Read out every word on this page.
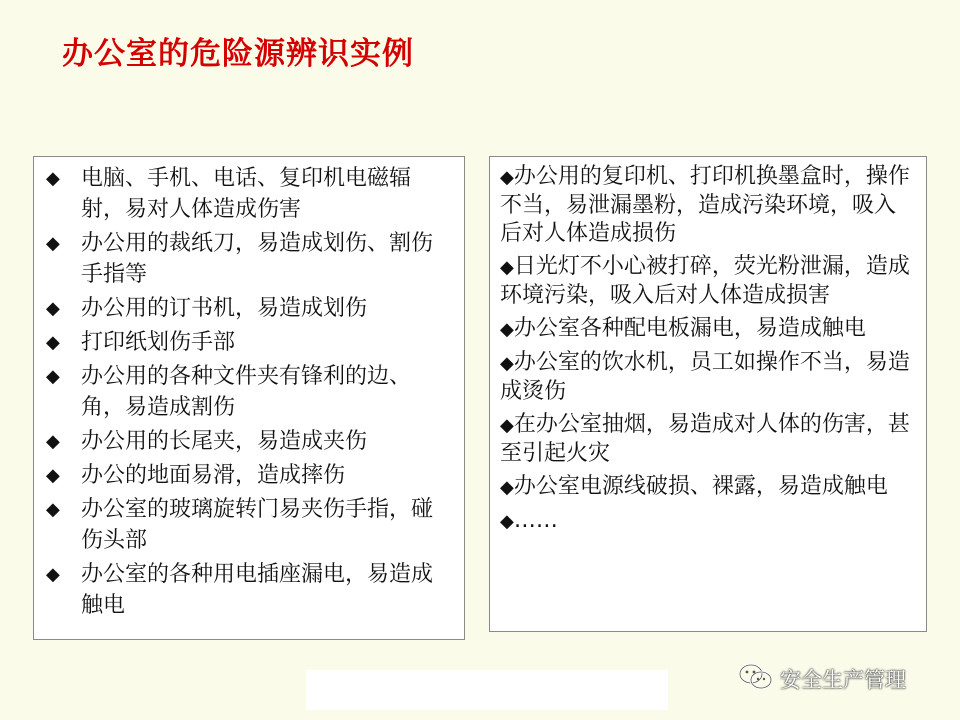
办公室的危险源辨识实例
◆ 电脑、手机、电话、复印机电磁辐射，易对人体造成伤害
◆ 办公用的裁纸刀，易造成划伤、割伤手指等
◆ 办公用的订书机，易造成划伤
◆ 打印纸划伤手部
◆ 办公用的各种文件夹有锋利的边、角，易造成割伤
◆ 办公用的长尾夹，易造成夹伤
◆ 办公的地面易滑，造成摔伤
◆ 办公室的玻璃旋转门易夹伤手指，碰伤头部
◆ 办公室的各种用电插座漏电，易造成触电
◆办公用的复印机、打印机换墨盒时，操作不当，易泄漏墨粉，造成污染环境，吸入后对人体造成损伤
◆日光灯不小心被打碎，荧光粉泄漏，造成环境污染，吸入后对人体造成损害
◆办公室各种配电板漏电，易造成触电
◆办公室的饮水机，员工如操作不当，易造成烫伤
◆在办公室抽烟，易造成对人体的伤害，甚至引起火灾
◆办公室电源线破损、裸露，易造成触电
◆……
安全生产管理
